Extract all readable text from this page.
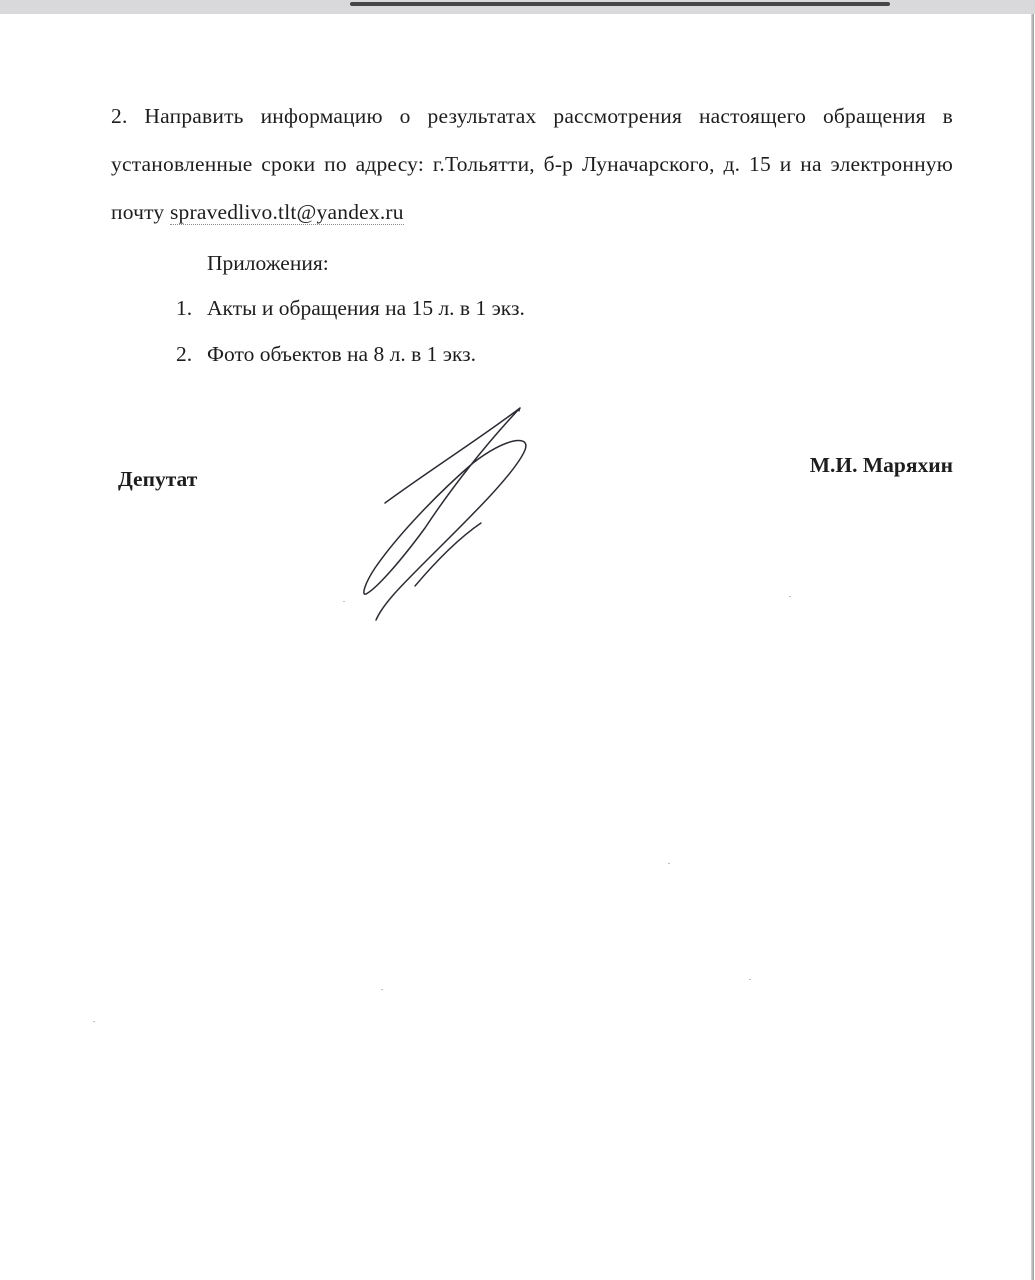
2. Направить информацию о результатах рассмотрения настоящего обращения в установленные сроки по адресу: г.Тольятти, б-р Луначарского, д. 15 и на электронную почту spravedlivo.tlt@yandex.ru

Приложения:
1. Акты и обращения на 15 л. в 1 экз.
2. Фото объектов на 8 л. в 1 экз.
Депутат
М.И. Маряхин
